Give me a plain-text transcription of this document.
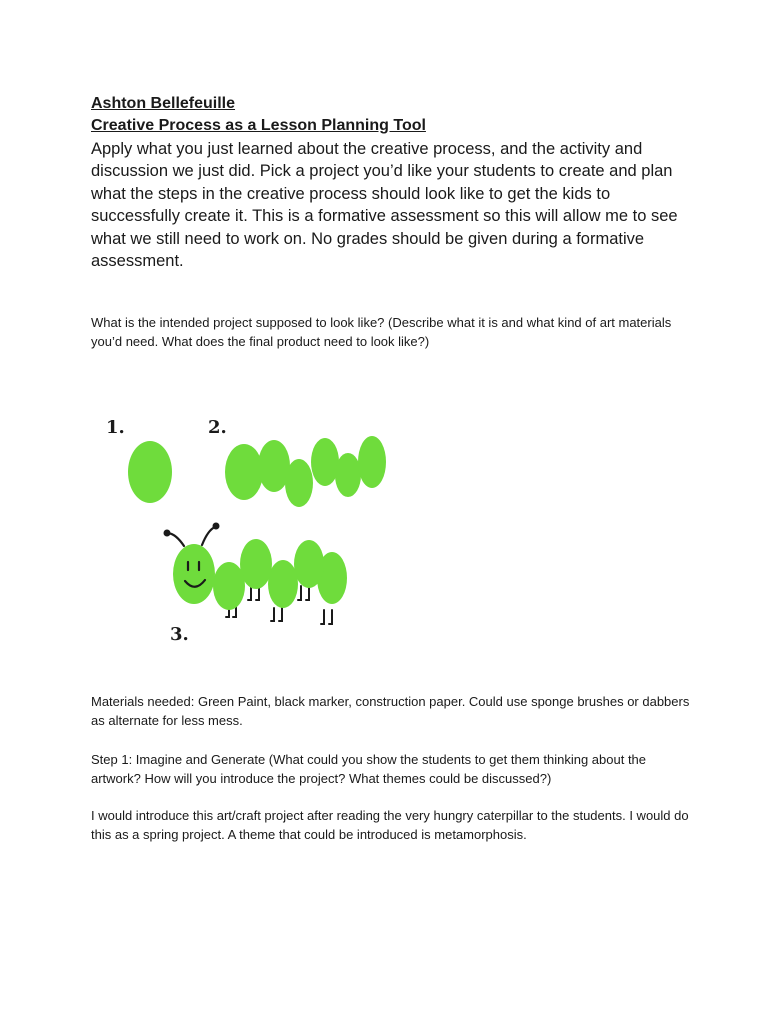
Ashton Bellefeuille
Creative Process as a Lesson Planning Tool
Apply what you just learned about the creative process, and the activity and discussion we just did. Pick a project you’d like your students to create and plan what the steps in the creative process should look like to get the kids to successfully create it. This is a formative assessment so this will allow me to see what we still need to work on. No grades should be given during a formative assessment.
What is the intended project supposed to look like? (Describe what it is and what kind of art materials you’d need. What does the final product need to look like?)
1.	2.
3.
Materials needed: Green Paint, black marker, construction paper. Could use sponge brushes or dabbers as alternate for less mess.
Step 1: Imagine and Generate (What could you show the students to get them thinking about the artwork? How will you introduce the project? What themes could be discussed?)
I would introduce this art/craft project after reading the very hungry caterpillar to the students. I would do this as a spring project. A theme that could be introduced is metamorphosis.
